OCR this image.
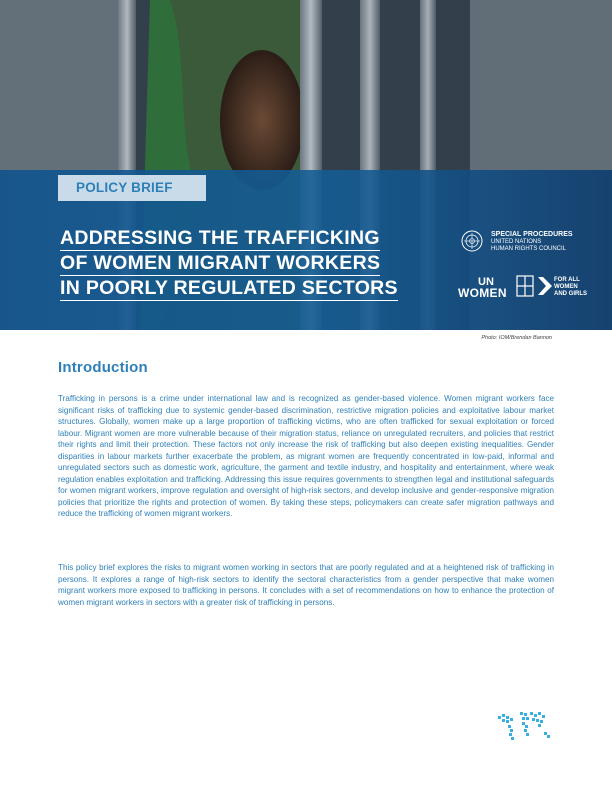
POLICY BRIEF
ADDRESSING THE TRAFFICKING
OF WOMEN MIGRANT WORKERS
IN POORLY REGULATED SECTORS
SPECIAL PROCEDURES
UNITED NATIONS
HUMAN RIGHTS COUNCIL
UN
WOMEN
FOR ALL
WOMEN
AND GIRLS
Photo: IOM/Brendan Bannon
Introduction

Trafficking in persons is a crime under international law and is recognized as gender-based violence. Women migrant workers face significant risks of trafficking due to systemic gender-based discrimination, restrictive migration policies and exploitative labour market structures. Globally, women make up a large proportion of trafficking victims, who are often trafficked for sexual exploitation or forced labour. Migrant women are more vulnerable because of their migration status, reliance on unregulated recruiters, and policies that restrict their rights and limit their protection. These factors not only increase the risk of trafficking but also deepen existing inequalities. Gender disparities in labour markets further exacerbate the problem, as migrant women are frequently concentrated in low-paid, informal and unregulated sectors such as domestic work, agriculture, the garment and textile industry, and hospitality and entertainment, where weak regulation enables exploitation and trafficking. Addressing this issue requires governments to strengthen legal and institutional safeguards for women migrant workers, improve regulation and oversight of high-risk sectors, and develop inclusive and gender-responsive migration policies that prioritize the rights and protection of women. By taking these steps, policymakers can create safer migration pathways and reduce the trafficking of women migrant workers.

This policy brief explores the risks to migrant women working in sectors that are poorly regulated and at a heightened risk of trafficking in persons. It explores a range of high-risk sectors to identify the sectoral characteristics from a gender perspective that make women migrant workers more exposed to trafficking in persons. It concludes with a set of recommendations on how to enhance the protection of women migrant workers in sectors with a greater risk of trafficking in persons.
